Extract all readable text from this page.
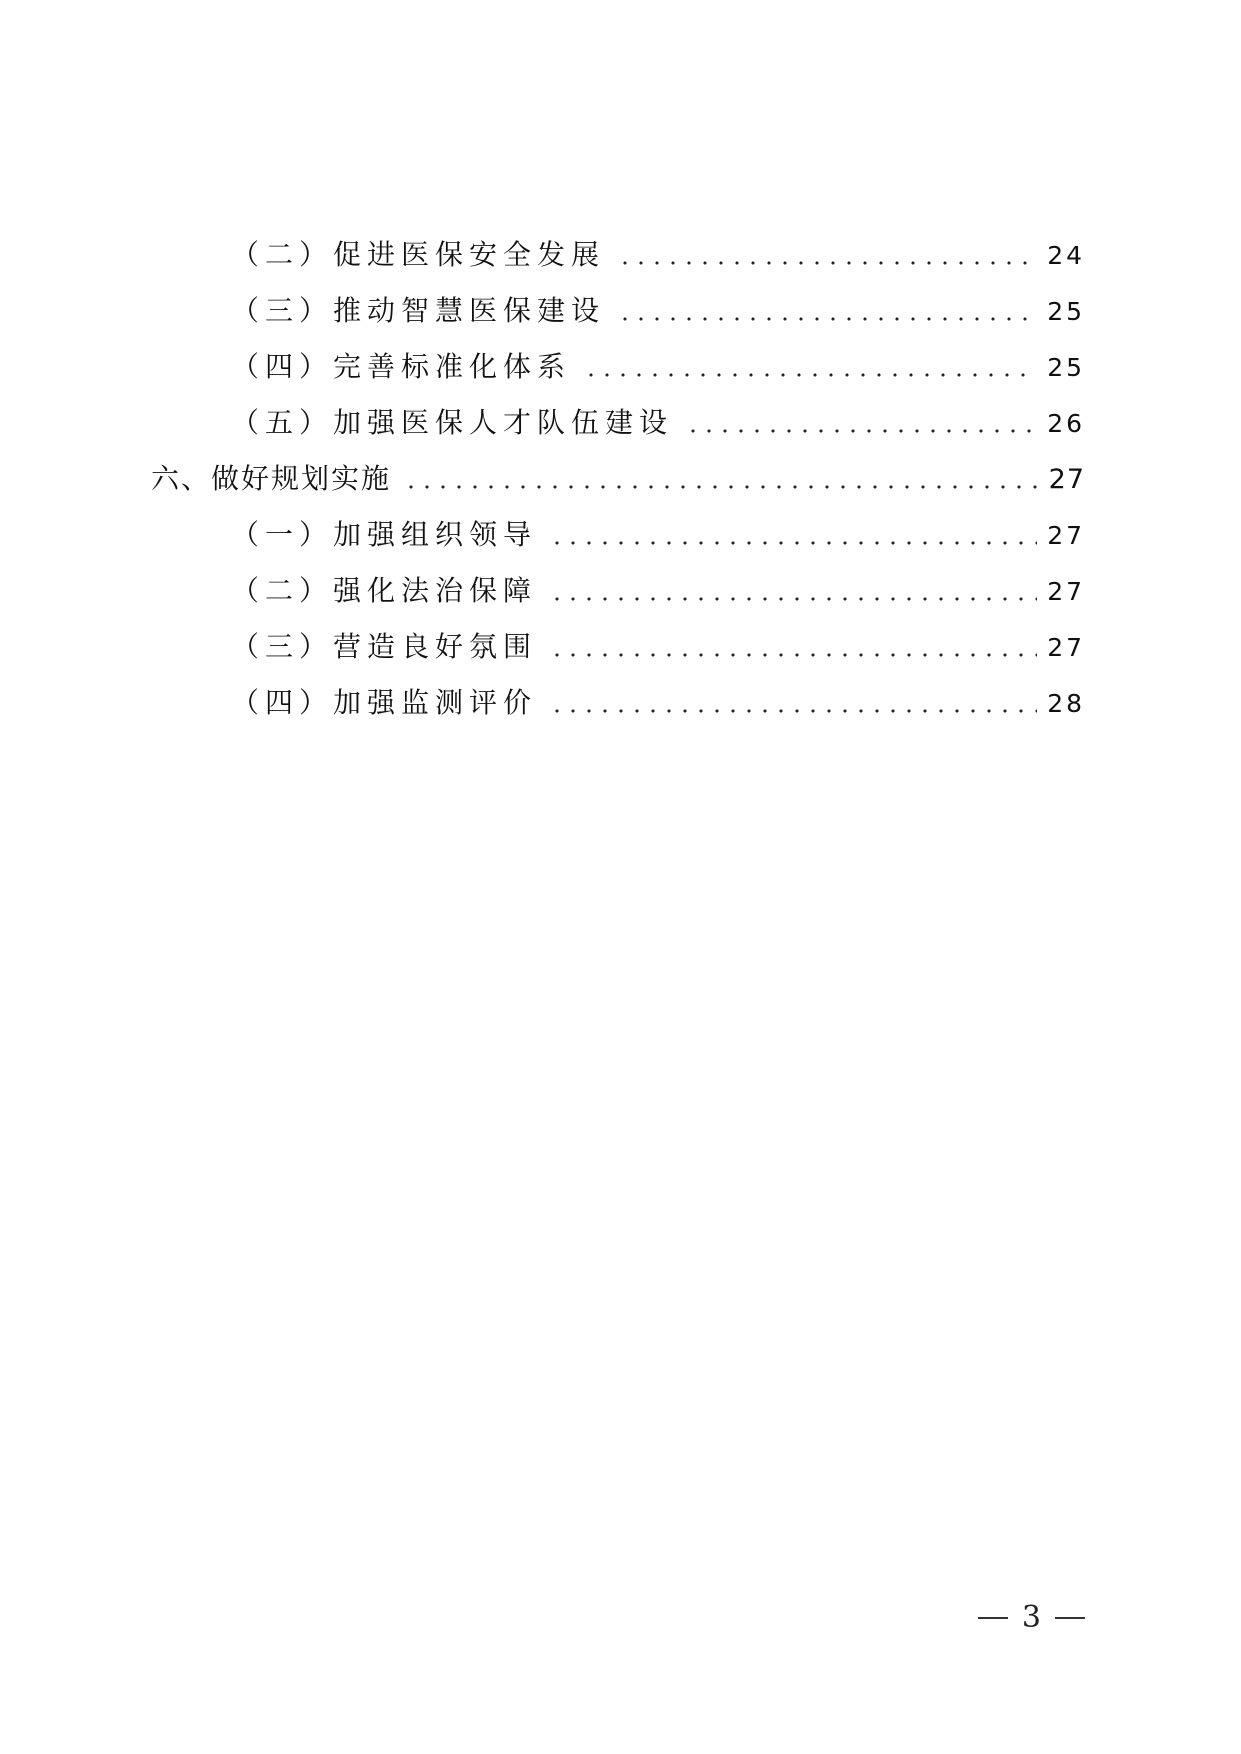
（二）促进医保安全发展	24
（三）推动智慧医保建设	25
（四）完善标准化体系	25
（五）加强医保人才队伍建设	26
六、做好规划实施	27
（一）加强组织领导	27
（二）强化法治保障	27
（三）营造良好氛围	27
（四）加强监测评价	28
3
